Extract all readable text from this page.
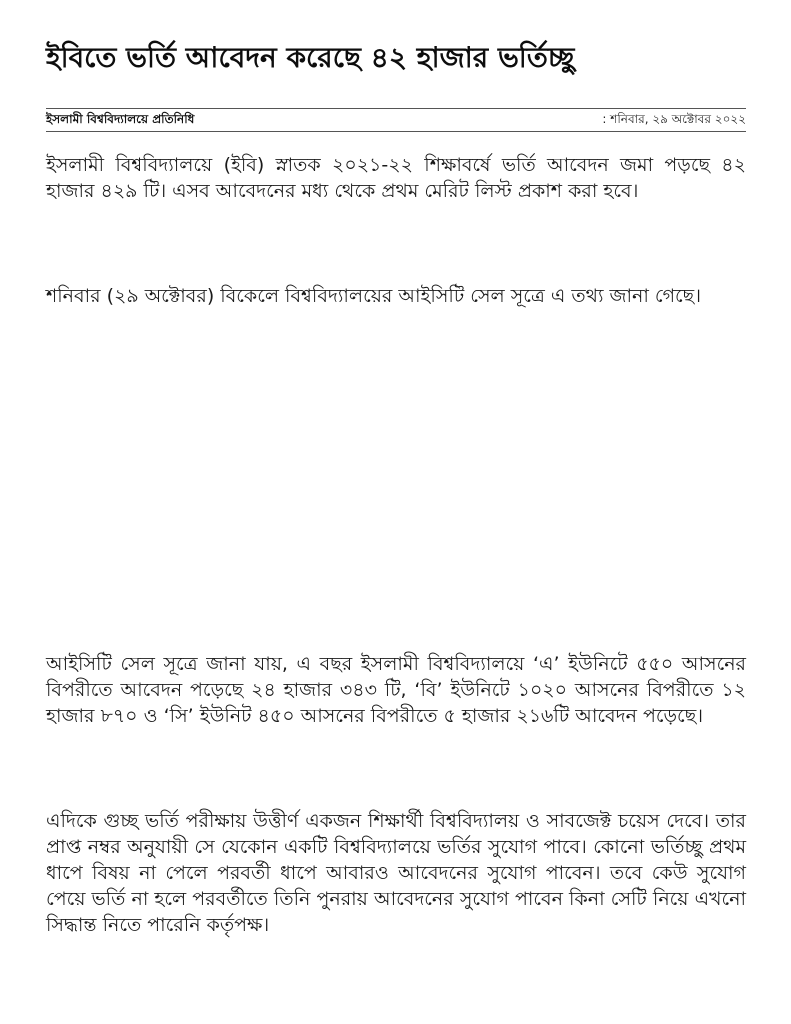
ইবিতে ভর্তি আবেদন করেছে ৪২ হাজার ভর্তিচ্ছু
ইসলামী বিশ্ববিদ্যালয়ে প্রতিনিধি	: শনিবার, ২৯ অক্টোবর ২০২২

ইসলামী বিশ্ববিদ্যালয়ে (ইবি) স্নাতক ২০২১-২২ শিক্ষাবর্ষে ভর্তি আবেদন জমা পড়ছে ৪২ হাজার ৪২৯ টি। এসব আবেদনের মধ্য থেকে প্রথম মেরিট লিস্ট প্রকাশ করা হবে।

শনিবার (২৯ অক্টোবর) বিকেলে বিশ্ববিদ্যালয়ের আইসিটি সেল সূত্রে এ তথ্য জানা গেছে।

আইসিটি সেল সূত্রে জানা যায়, এ বছর ইসলামী বিশ্ববিদ্যালয়ে ‘এ’ ইউনিটে ৫৫০ আসনের বিপরীতে আবেদন পড়েছে ২৪ হাজার ৩৪৩ টি, ‘বি’ ইউনিটে ১০২০ আসনের বিপরীতে ১২ হাজার ৮৭০ ও ‘সি’ ইউনিট ৪৫০ আসনের বিপরীতে ৫ হাজার ২১৬টি আবেদন পড়েছে।

এদিকে গুচ্ছ ভর্তি পরীক্ষায় উত্তীর্ণ একজন শিক্ষার্থী বিশ্ববিদ্যালয় ও সাবজেক্ট চয়েস দেবে। তার প্রাপ্ত নম্বর অনুযায়ী সে যেকোন একটি বিশ্ববিদ্যালয়ে ভর্তির সুযোগ পাবে। কোনো ভর্তিচ্ছু প্রথম ধাপে বিষয় না পেলে পরবর্তী ধাপে আবারও আবেদনের সুযোগ পাবেন। তবে কেউ সুযোগ পেয়ে ভর্তি না হলে পরবর্তীতে তিনি পুনরায় আবেদনের সুযোগ পাবেন কিনা সেটি নিয়ে এখনো সিদ্ধান্ত নিতে পারেনি কর্তৃপক্ষ।
